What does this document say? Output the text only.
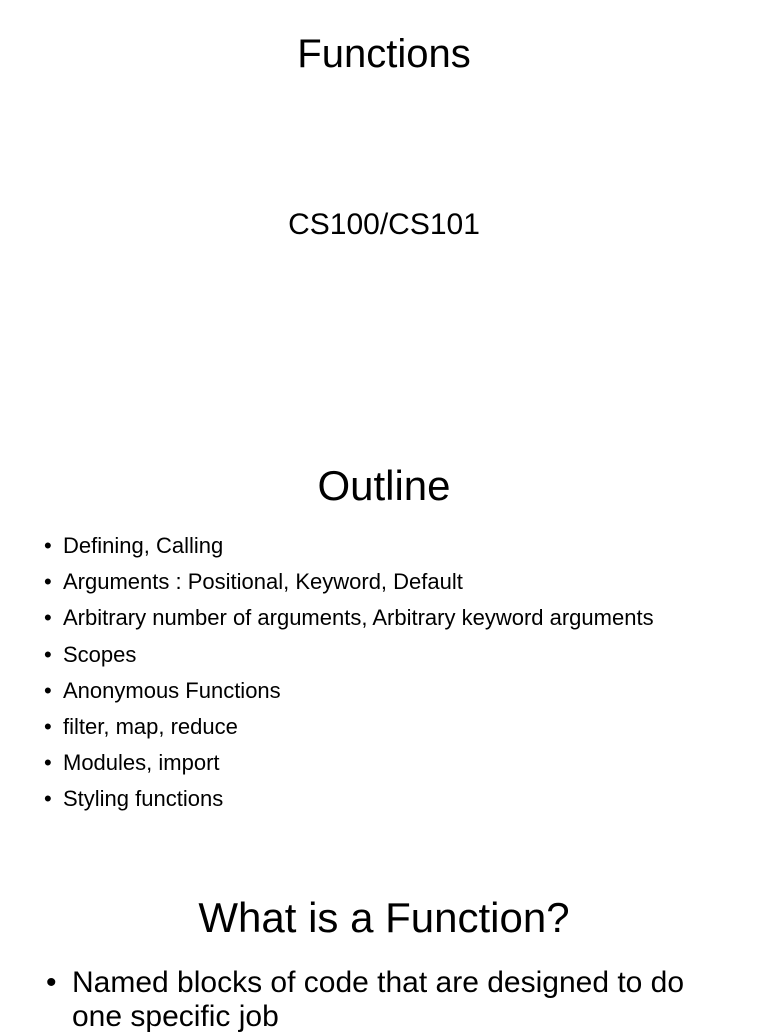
Functions

CS100/CS101

Outline
• Defining, Calling
• Arguments : Positional, Keyword, Default
• Arbitrary number of arguments, Arbitrary keyword arguments
• Scopes
• Anonymous Functions
• filter, map, reduce
• Modules, import
• Styling functions
What is a Function?
• Named blocks of code that are designed to do one specific job
